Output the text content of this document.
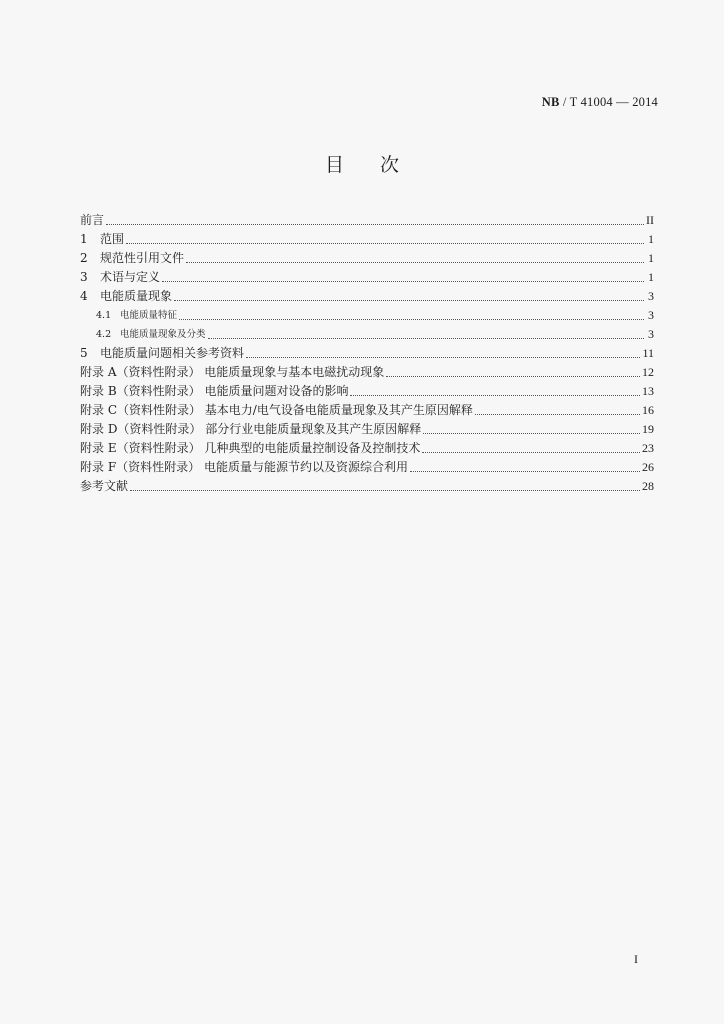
NB / T 41004 — 2014
目次
前言	II
1	范围	1
2	规范性引用文件	1
3	术语与定义	1
4	电能质量现象	3
4.1 电能质量特征	3
4.2 电能质量现象及分类	3
5	电能质量问题相关参考资料	11
附录 A（资料性附录） 电能质量现象与基本电磁扰动现象	12
附录 B（资料性附录） 电能质量问题对设备的影响	13
附录 C（资料性附录） 基本电力/电气设备电能质量现象及其产生原因解释	16
附录 D（资料性附录） 部分行业电能质量现象及其产生原因解释	19
附录 E（资料性附录） 几种典型的电能质量控制设备及控制技术	23
附录 F（资料性附录） 电能质量与能源节约以及资源综合利用	26
参考文献	28
I
